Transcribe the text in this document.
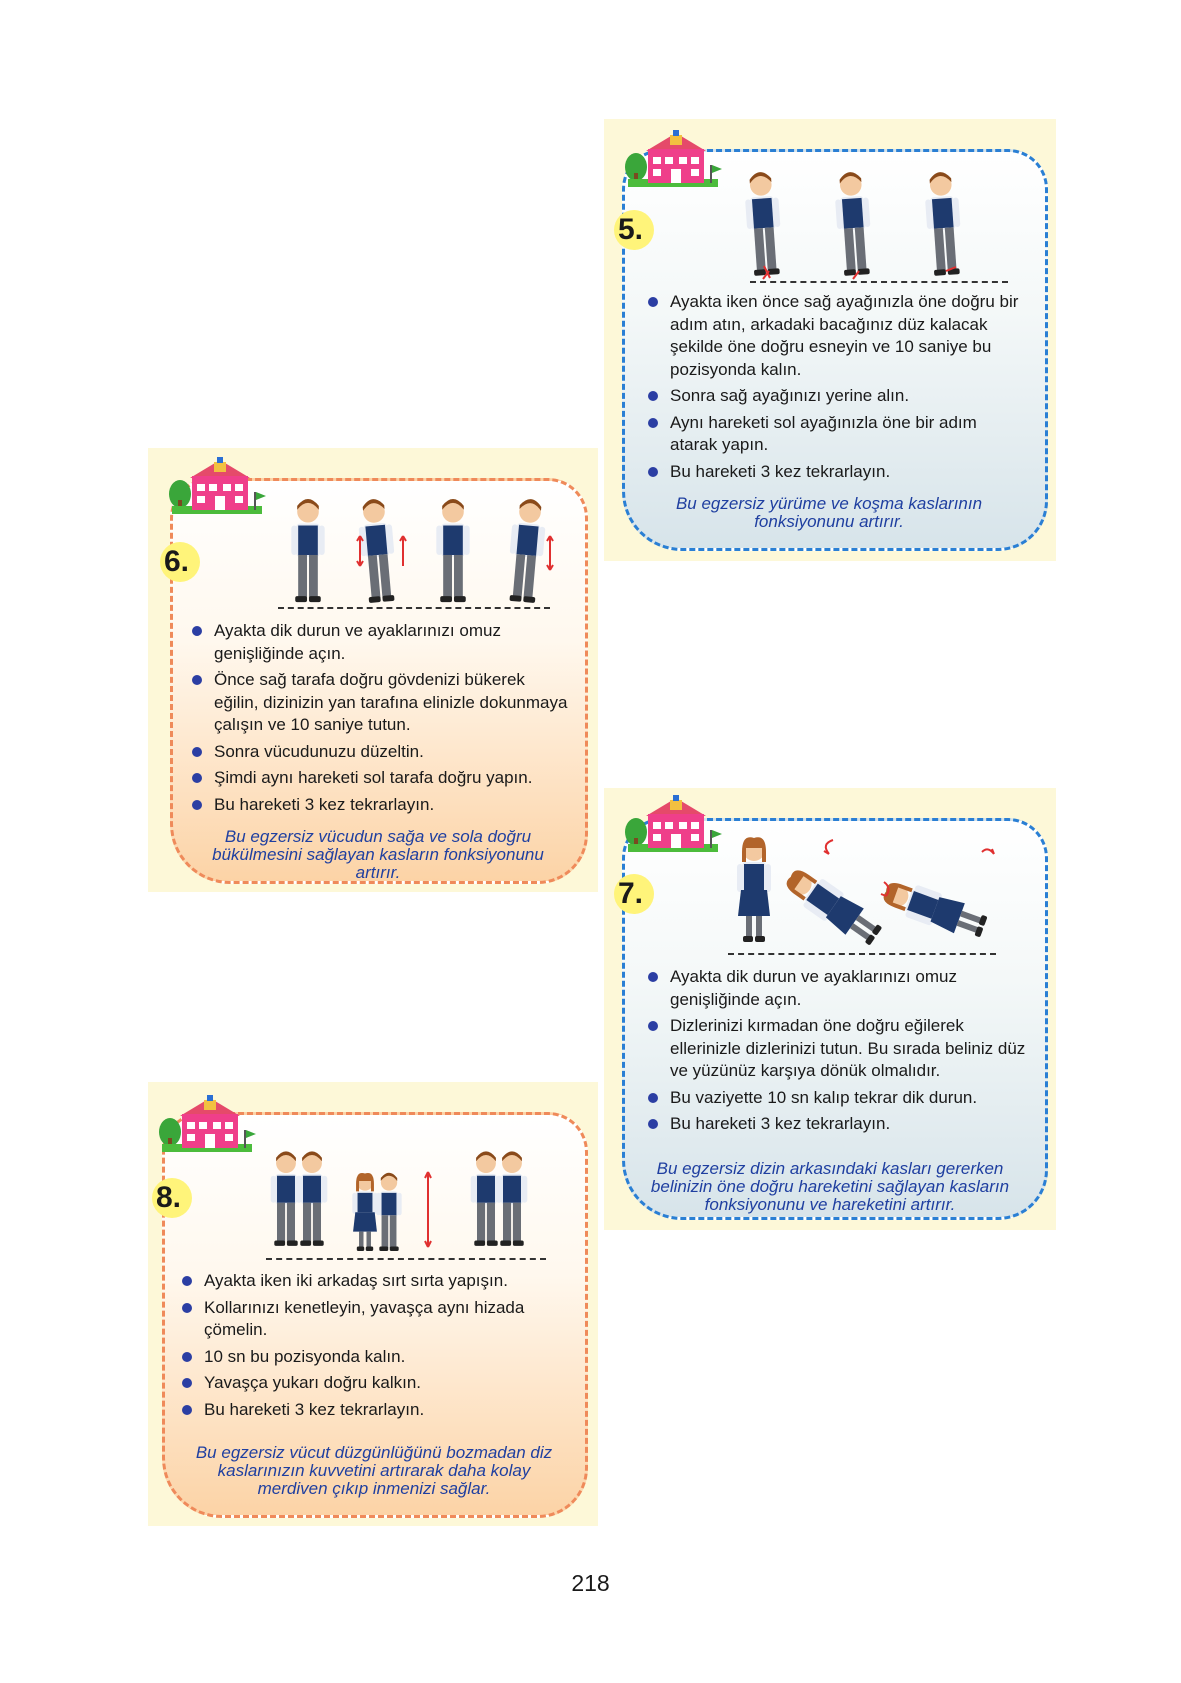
5.
Ayakta iken önce sağ ayağınızla öne doğru bir adım atın, arkadaki bacağınız düz kalacak şekilde öne doğru esneyin ve 10 saniye bu pozisyonda kalın.
Sonra sağ ayağınızı yerine alın.
Aynı hareketi sol ayağınızla öne bir adım atarak yapın.
Bu hareketi 3 kez tekrarlayın.
Bu egzersiz yürüme ve koşma kaslarının fonksiyonunu artırır.
6.
Ayakta dik durun ve ayaklarınızı omuz genişliğinde açın.
Önce sağ tarafa doğru gövdenizi bükerek eğilin, dizinizin yan tarafına elinizle dokunmaya çalışın ve 10 saniye tutun.
Sonra vücudunuzu düzeltin.
Şimdi aynı hareketi sol tarafa doğru yapın.
Bu hareketi 3 kez tekrarlayın.
Bu egzersiz vücudun sağa ve sola doğru bükülmesini sağlayan kasların fonksiyonunu artırır.
7.
Ayakta dik durun ve ayaklarınızı omuz genişliğinde açın.
Dizlerinizi kırmadan öne doğru eğilerek ellerinizle dizlerinizi tutun. Bu sırada beliniz düz ve yüzünüz karşıya dönük olmalıdır.
Bu vaziyette 10 sn kalıp tekrar dik durun.
Bu hareketi 3 kez tekrarlayın.
Bu egzersiz dizin arkasındaki kasları gererken belinizin öne doğru hareketini sağlayan kasların fonksiyonunu ve hareketini artırır.
8.
Ayakta iken iki arkadaş sırt sırta yapışın.
Kollarınızı kenetleyin, yavaşça aynı hizada çömelin.
10 sn bu pozisyonda kalın.
Yavaşça yukarı doğru kalkın.
Bu hareketi 3 kez tekrarlayın.
Bu egzersiz vücut düzgünlüğünü bozmadan diz kaslarınızın kuvvetini artırarak daha kolay merdiven çıkıp inmenizi sağlar.
218
